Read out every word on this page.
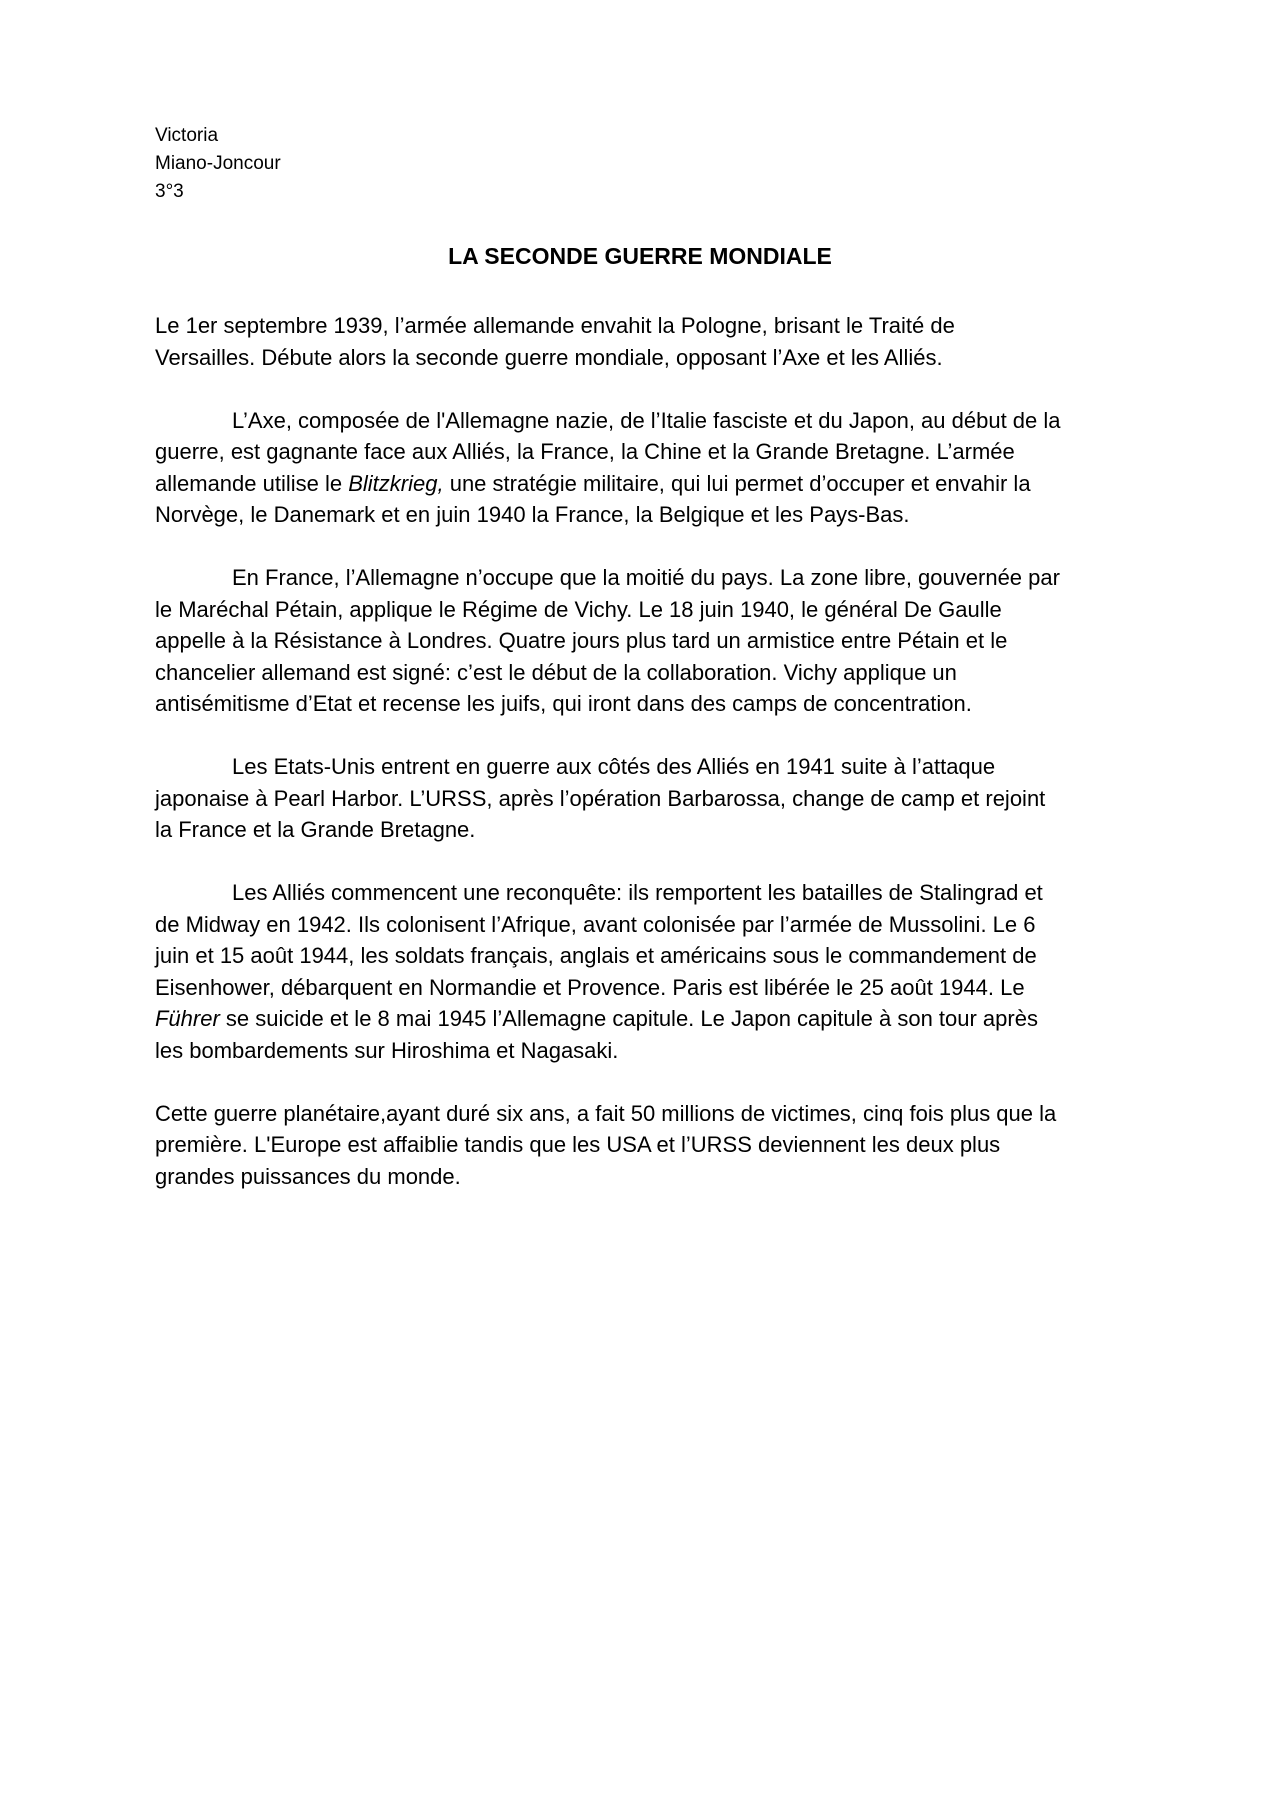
Victoria
Miano-Joncour
3°3
LA SECONDE GUERRE MONDIALE

Le 1er septembre 1939, l’armée allemande envahit la Pologne, brisant le Traité de
Versailles. Débute alors la seconde guerre mondiale, opposant l’Axe et les Alliés.

L’Axe, composée de l'Allemagne nazie, de l’Italie fasciste et du Japon, au début de la
guerre, est gagnante face aux Alliés, la France, la Chine et la Grande Bretagne. L’armée
allemande utilise le Blitzkrieg, une stratégie militaire, qui lui permet d’occuper et envahir la
Norvège, le Danemark et en juin 1940 la France, la Belgique et les Pays-Bas.

En France, l’Allemagne n’occupe que la moitié du pays. La zone libre, gouvernée par
le Maréchal Pétain, applique le Régime de Vichy. Le 18 juin 1940, le général De Gaulle
appelle à la Résistance à Londres. Quatre jours plus tard un armistice entre Pétain et le
chancelier allemand est signé: c’est le début de la collaboration. Vichy applique un
antisémitisme d’Etat et recense les juifs, qui iront dans des camps de concentration.

Les Etats-Unis entrent en guerre aux côtés des Alliés en 1941 suite à l’attaque
japonaise à Pearl Harbor. L’URSS, après l’opération Barbarossa, change de camp et rejoint
la France et la Grande Bretagne.

Les Alliés commencent une reconquête: ils remportent les batailles de Stalingrad et
de Midway en 1942. Ils colonisent l’Afrique, avant colonisée par l’armée de Mussolini. Le 6
juin et 15 août 1944, les soldats français, anglais et américains sous le commandement de
Eisenhower, débarquent en Normandie et Provence. Paris est libérée le 25 août 1944. Le
Führer se suicide et le 8 mai 1945 l’Allemagne capitule. Le Japon capitule à son tour après
les bombardements sur Hiroshima et Nagasaki.

Cette guerre planétaire,ayant duré six ans, a fait 50 millions de victimes, cinq fois plus que la
première. L'Europe est affaiblie tandis que les USA et l’URSS deviennent les deux plus
grandes puissances du monde.
